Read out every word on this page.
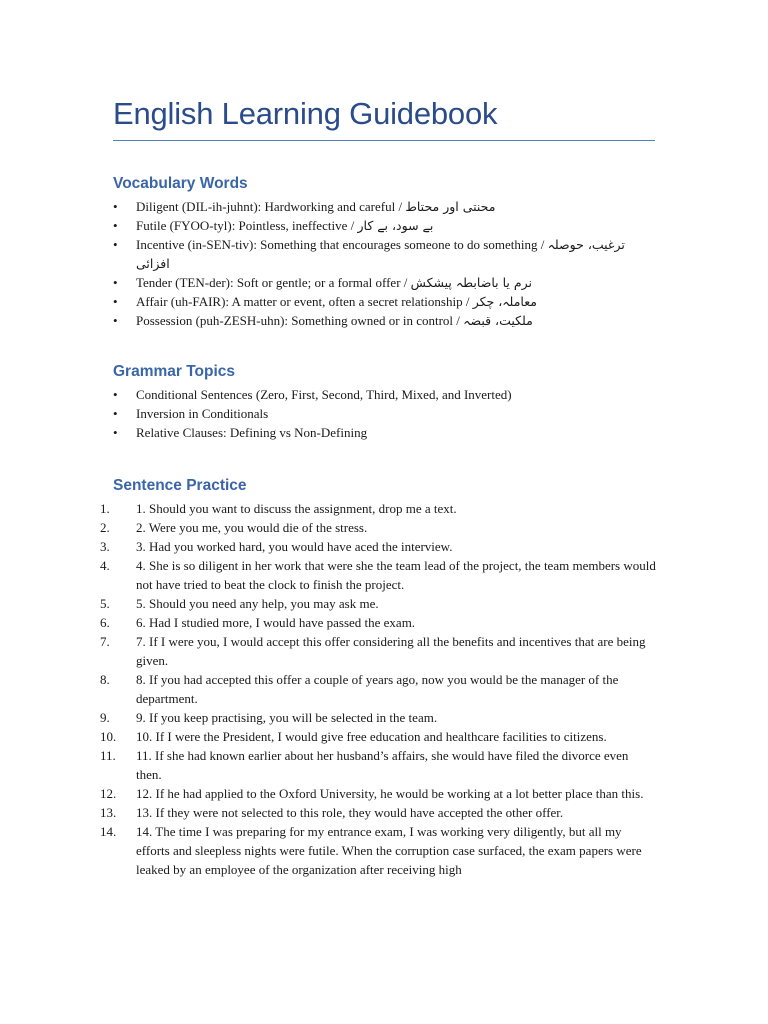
English Learning Guidebook
Vocabulary Words
•	Diligent (DIL-ih-juhnt): Hardworking and careful / محنتی اور محتاط
•	Futile (FYOO-tyl): Pointless, ineffective / بے سود، بے کار
•	Incentive (in-SEN-tiv): Something that encourages someone to do something / ترغیب، حوصلہ افزائی
•	Tender (TEN-der): Soft or gentle; or a formal offer / نرم یا باضابطہ پیشکش
•	Affair (uh-FAIR): A matter or event, often a secret relationship / معاملہ، چکر
•	Possession (puh-ZESH-uhn): Something owned or in control / ملکیت، قبضہ
Grammar Topics
•	Conditional Sentences (Zero, First, Second, Third, Mixed, and Inverted)
•	Inversion in Conditionals
•	Relative Clauses: Defining vs Non-Defining
Sentence Practice
1.	1. Should you want to discuss the assignment, drop me a text.
2.	2. Were you me, you would die of the stress.
3.	3. Had you worked hard, you would have aced the interview.
4.	4. She is so diligent in her work that were she the team lead of the project, the team members would not have tried to beat the clock to finish the project.
5.	5. Should you need any help, you may ask me.
6.	6. Had I studied more, I would have passed the exam.
7.	7. If I were you, I would accept this offer considering all the benefits and incentives that are being given.
8.	8. If you had accepted this offer a couple of years ago, now you would be the manager of the department.
9.	9. If you keep practising, you will be selected in the team.
10.	10. If I were the President, I would give free education and healthcare facilities to citizens.
11.	11. If she had known earlier about her husband’s affairs, she would have filed the divorce even then.
12.	12. If he had applied to the Oxford University, he would be working at a lot better place than this.
13.	13. If they were not selected to this role, they would have accepted the other offer.
14.	14. The time I was preparing for my entrance exam, I was working very diligently, but all my efforts and sleepless nights were futile. When the corruption case surfaced, the exam papers were leaked by an employee of the organization after receiving high
